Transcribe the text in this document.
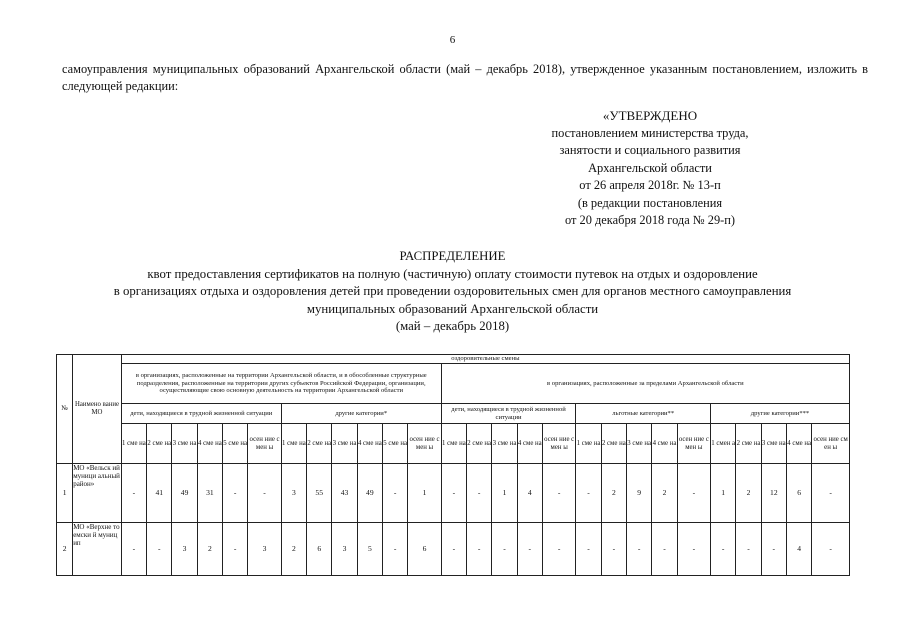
6
самоуправления муниципальных образований Архангельской области (май – декабрь 2018), утвержденное указанным постановлением, изложить в следующей редакции:
«УТВЕРЖДЕНО
постановлением министерства труда,
занятости и социального развития
Архангельской области
от 26 апреля 2018г. № 13-п
(в редакции постановления
от 20 декабря 2018 года № 29-п)
РАСПРЕДЕЛЕНИЕ
квот предоставления сертификатов на полную (частичную) оплату стоимости путевок на отдых и оздоровление
в организациях отдыха и оздоровления детей при проведении оздоровительных смен для органов местного самоуправления
муниципальных образований Архангельской области
(май – декабрь 2018)
№	Наимено вание МО	оздоровительные смены																										
		в организациях, расположенные на территории Архангельской области, и в обособленные структурные подразделения, расположенные на территории других субъектов Российской Федерации, организации, осуществляющие свою основную деятельность на территории Архангельской области												в организациях, расположенные за пределами Архангельской области														
		дети, находящиеся в трудной жизненной ситуации						другие категории*						дети, находящиеся в трудной жизненной ситуации					льготные категории**					другие категории***				
		1 сме на	2 сме на	3 сме на	4 сме на	5 сме на	осен ние смен ы	1 сме на	2 сме на	3 сме на	4 сме на	5 сме на	осен ние смен ы	1 сме на	2 сме на	3 сме на	4 сме на	осен ние смен ы	1 сме на	2 сме на	3 сме на	4 сме на	осен ние смен ы	1 смен а	2 сме на	3 сме на	4 сме на	осен ние смен ы
1	МО «Вельск ий муници альный район»	-	41	49	31	-	-	3	55	43	49	-	1	-	-	1	4	-	-	2	9	2	-	1	2	12	6	-
2	МО «Верхне тоемски й муницип	-	-	3	2	-	3	2	6	3	5	-	6	-	-	-	-	-	-	-	-	-	-	-	-	-	4	-
